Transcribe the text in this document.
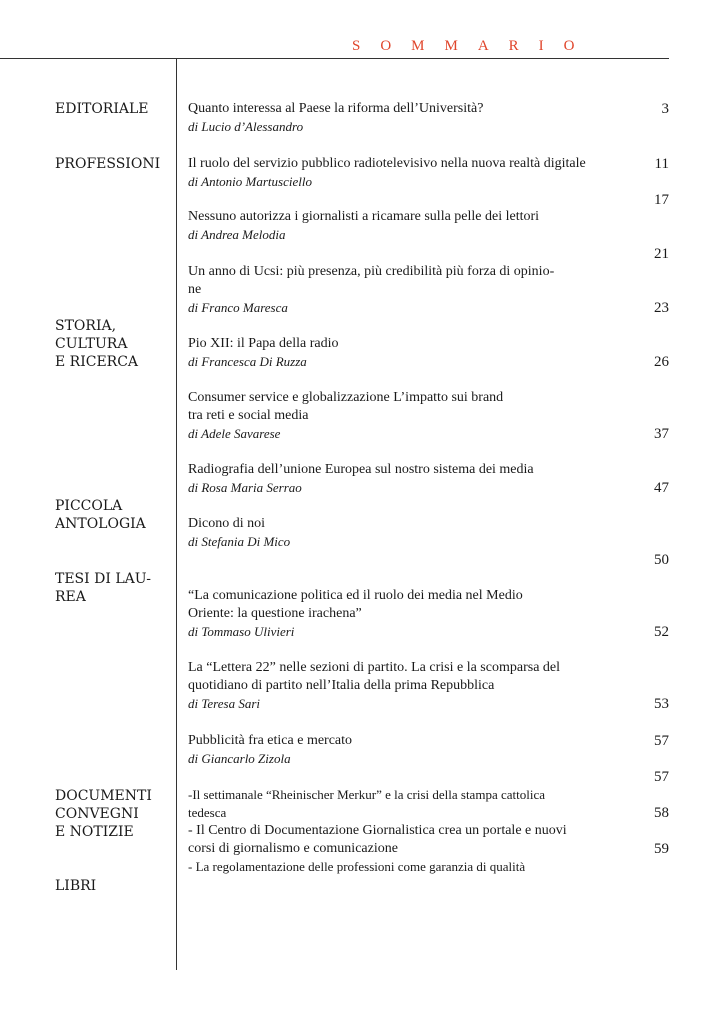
SOMMARIO
EDITORIALE
PROFESSIONI
STORIA,
CULTURA
E RICERCA
PICCOLA
ANTOLOGIA
TESI DI LAU-
REA
DOCUMENTI
CONVEGNI
E NOTIZIE
LIBRI
Quanto interessa al Paese la riforma dell’Università?
di Lucio d’Alessandro
Il ruolo del servizio pubblico radiotelevisivo nella nuova realtà digitale
di Antonio Martusciello
Nessuno autorizza i giornalisti a ricamare sulla pelle dei lettori
di Andrea Melodia
Un anno di Ucsi: più presenza, più credibilità più forza di opinio-
ne
di Franco Maresca
Pio XII: il Papa della radio
di Francesca Di Ruzza
Consumer service e globalizzazione L’impatto sui brand
tra reti e social media
di Adele Savarese
Radiografia dell’unione Europea sul nostro sistema dei media
di Rosa Maria Serrao
Dicono di noi
di Stefania Di Mico
“La comunicazione politica ed il ruolo dei media nel Medio
Oriente: la questione irachena”
di Tommaso Ulivieri
La “Lettera 22” nelle sezioni di partito. La crisi e la scomparsa del
quotidiano di partito nell’Italia della prima Repubblica
di Teresa Sari
Pubblicità fra etica e mercato
di Giancarlo Zizola
-Il settimanale “Rheinischer Merkur” e la crisi della stampa cattolica
tedesca
- Il Centro di Documentazione Giornalistica crea un portale e nuovi
corsi di giornalismo e comunicazione
- La regolamentazione delle professioni come garanzia di qualità
3
11
17
21
23
26
37
47
50
52
53
57
57
58
59
